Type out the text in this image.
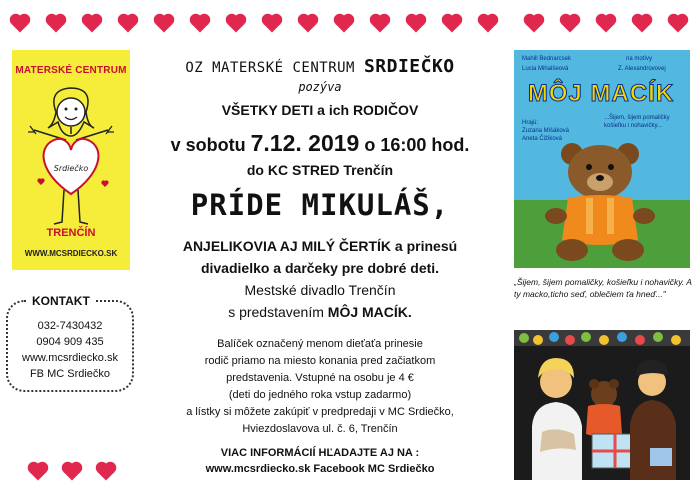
MATERSKÉ CENTRUM
Srdiečko
TRENČÍN
WWW.MCSRDIECKO.SK
KONTAKT
032-7430432
0904 909 435
www.mcsrdiecko.sk
FB MC Srdiečko
OZ MATERSKÉ CENTRUM SRDIEČKO
pozýva
VŠETKY DETI a ich RODIČOV
v sobotu 7.12. 2019 o 16:00 hod.
do KC STRED Trenčín
PRÍDE MIKULÁŠ,
ANJELIKOVIA AJ MILÝ ČERTÍK a prinesú
divadielko a darčeky pre dobré deti.
Mestské divadlo Trenčín
s predstavením MÔJ MACÍK.
Balíček označený menom dieťaťa prinesie
rodič priamo na miesto konania pred začiatkom
predstavenia. Vstupné na osobu je 4 €
(deti do jedného roka vstup zadarmo)
a lístky si môžete zakúpiť v predpredaji v MC Srdiečko,
Hviezdoslavova ul. č. 6, Trenčín
VIAC INFORMÁCIÍ HĽADAJTE AJ NA :
www.mcsrdiecko.sk Facebook MC Srdiečko
Mahill Bednarcsek
Lucia Mihalšeová
na motívy
Z. Alexandrovovej
MÔJ MACÍK
...Šijem, šijem pomaličky košieľku i nohavičky...
Hrajú:
Zuzana Mišáková
Aneta Čižiková
„Šijem, šijem pomaličky, košieľku i nohavičky. A ty macko,ticho seď, oblečiem ťa hneď..."
